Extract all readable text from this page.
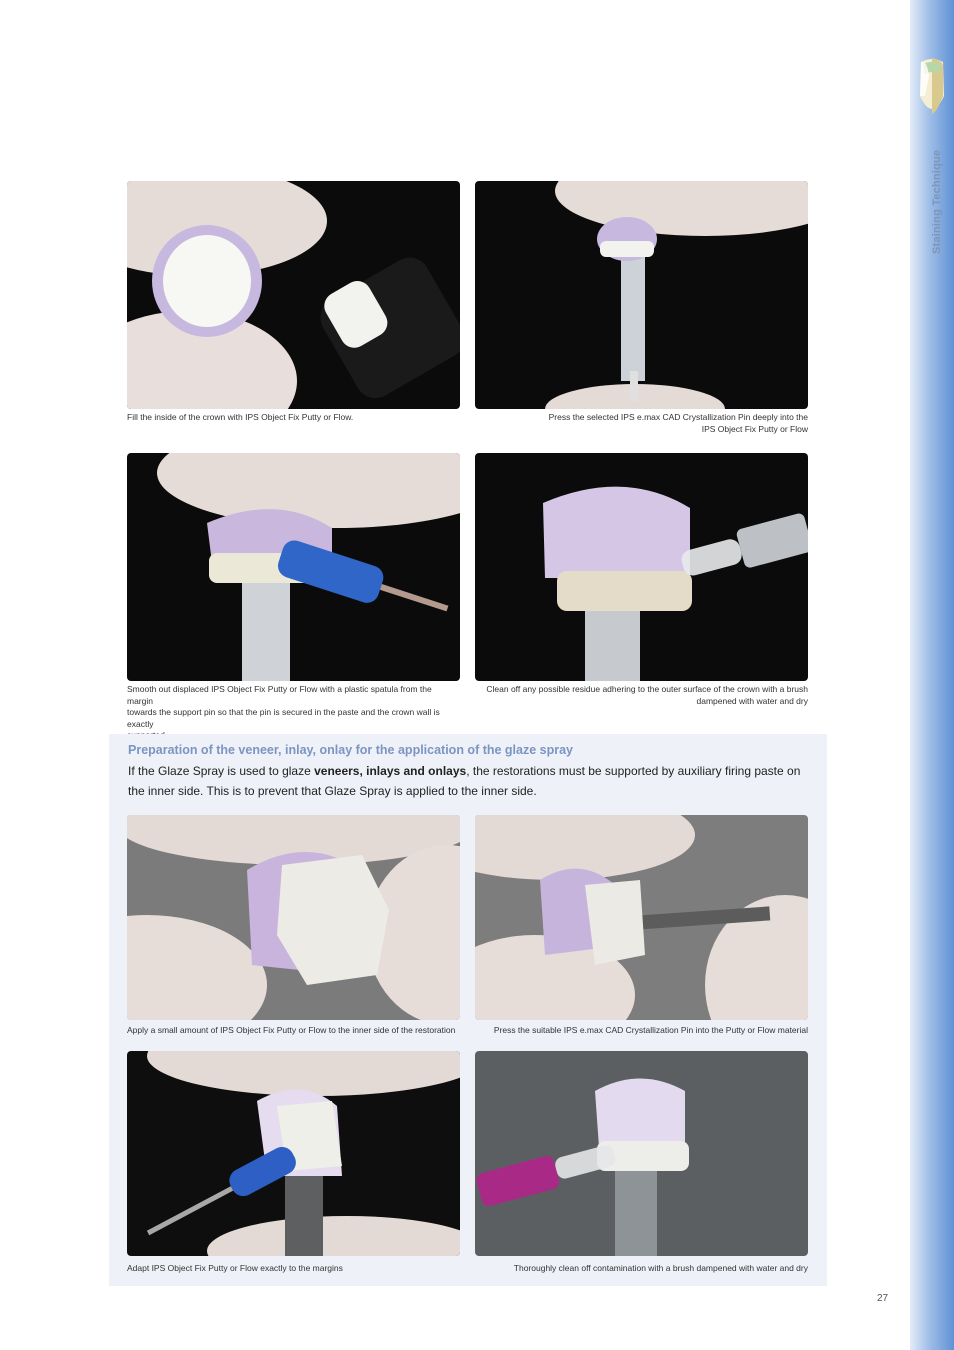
Staining Technique
Fill the inside of the crown with IPS Object Fix Putty or Flow.	Press the selected IPS e.max CAD Crystallization Pin deeply into the
IPS Object Fix Putty or Flow
Smooth out displaced IPS Object Fix Putty or Flow with a plastic spatula from the margin
towards the support pin so that the pin is secured in the paste and the crown wall is exactly
Clean off any possible residue adhering to the outer surface of the crown with a brush
dampened with water and dry
Preparation of the veneer, inlay, onlay for the application of the glaze spray
If the Glaze Spray is used to glaze veneers, inlays and onlays, the restorations must be supported by auxiliary firing paste on the inner side. This is to prevent that Glaze Spray is applied to the inner side.
Apply a small amount of IPS Object Fix Putty or Flow to the inner side of the restoration	Press the suitable IPS e.max CAD Crystallization Pin into the Putty or Flow material
Adapt IPS Object Fix Putty or Flow exactly to the margins	Thoroughly clean off contamination with a brush dampened with water and dry
27
